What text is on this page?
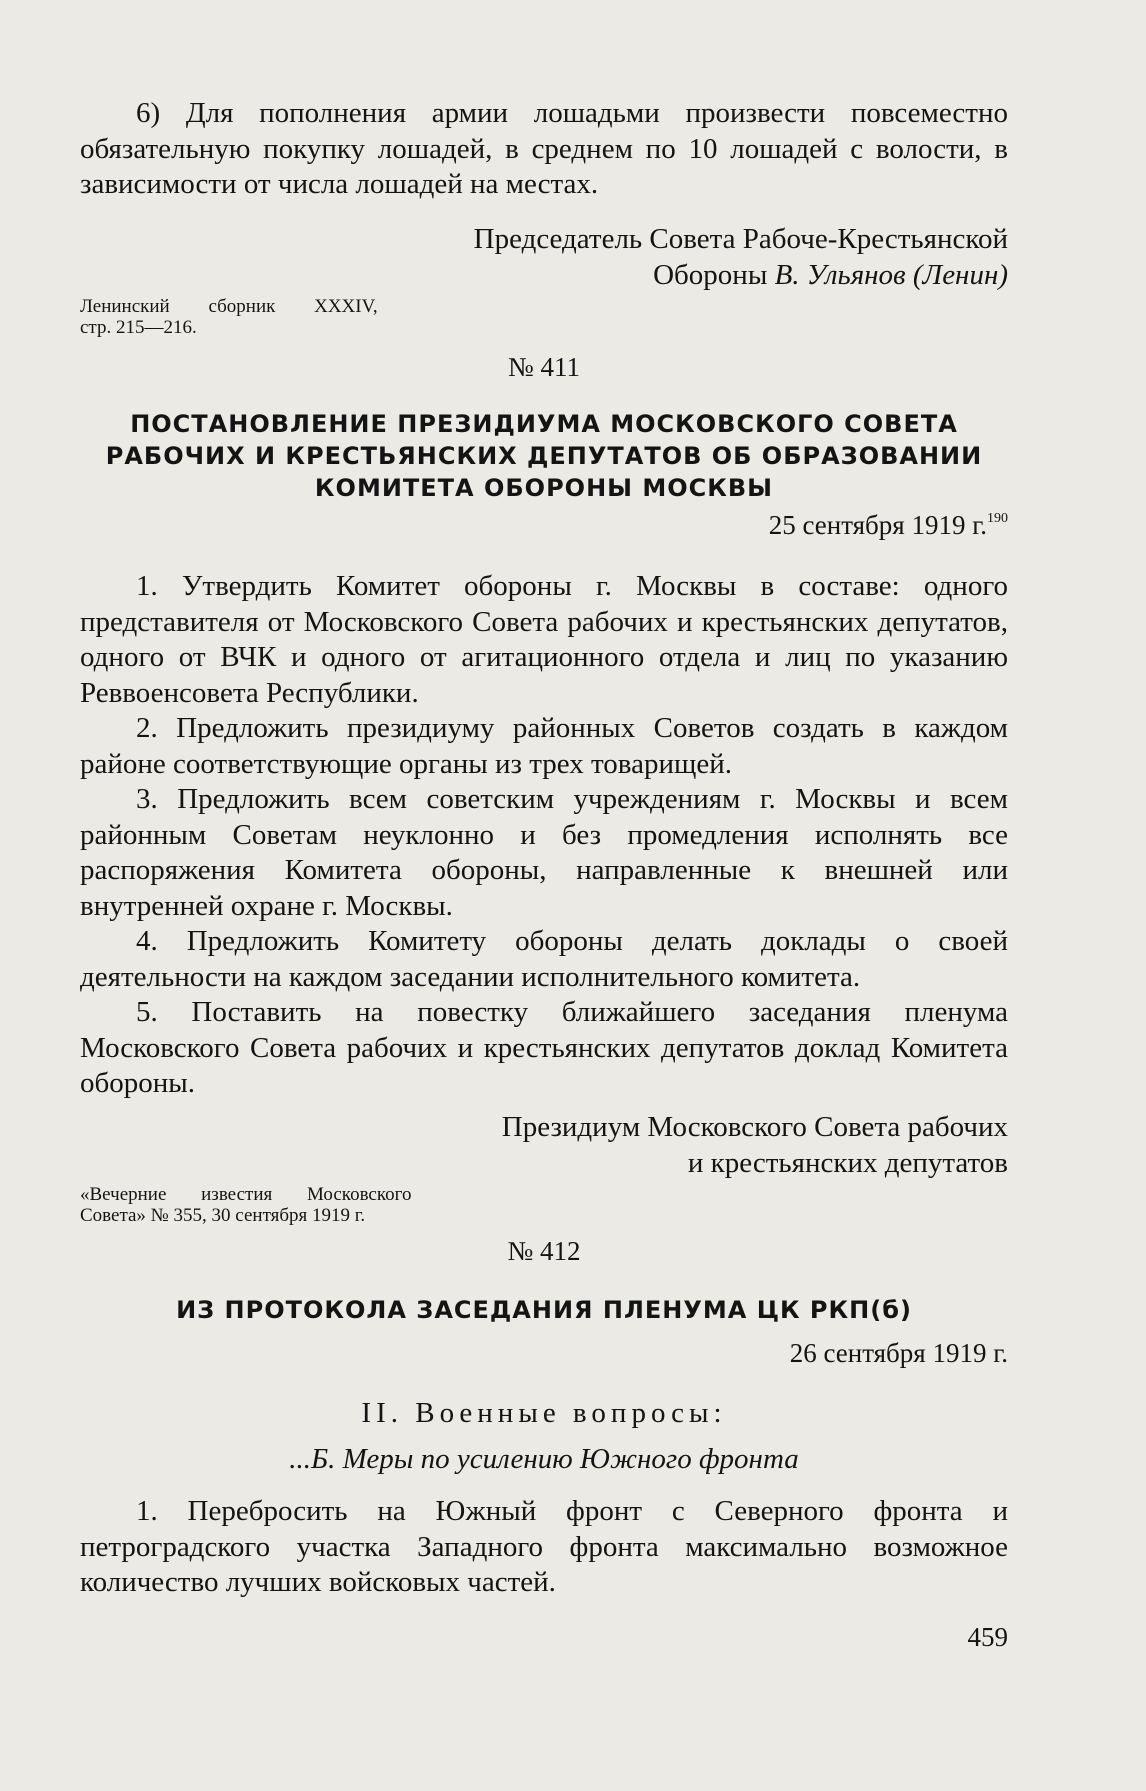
6) Для пополнения армии лошадьми произвести повсеместно обязательную покупку лошадей, в среднем по 10 лошадей с волости, в зависимости от числа лошадей на местах.

Председатель Совета Рабоче-Крестьянской

Обороны В. Ульянов (Ленин)

Ленинский сборник XXXIV,

стр. 215—216.

№ 411

ПОСТАНОВЛЕНИЕ ПРЕЗИДИУМА МОСКОВСКОГО СОВЕТА

РАБОЧИХ И КРЕСТЬЯНСКИХ ДЕПУТАТОВ ОБ ОБРАЗОВАНИИ

КОМИТЕТА ОБОРОНЫ МОСКВЫ

25 сентября 1919 г.$^{190}$

1. Утвердить Комитет обороны г. Москвы в составе: одного представителя от Московского Совета рабочих и крестьянских депутатов, одного от ВЧК и одного от агитационного отдела и лиц по указанию Реввоенсовета Республики.

2. Предложить президиуму районных Советов создать в каждом районе соответствующие органы из трех товарищей.

3. Предложить всем советским учреждениям г. Москвы и всем районным Советам неуклонно и без промедления исполнять все распоряжения Комитета обороны, направленные к внешней или внутренней охране г. Москвы.

4. Предложить Комитету обороны делать доклады о своей деятельности на каждом заседании исполнительного комитета.

5. Поставить на повестку ближайшего заседания пленума Московского Совета рабочих и крестьянских депутатов доклад Комитета обороны.

Президиум Московского Совета рабочих

и крестьянских депутатов

«Вечерние известия Московского

Совета» № 355, 30 сентября 1919 г.

№ 412

ИЗ ПРОТОКОЛА ЗАСЕДАНИЯ ПЛЕНУМА ЦК РКП(б)

26 сентября 1919 г.

II. Военные вопросы:

...Б. Меры по усилению Южного фронта

1. Перебросить на Южный фронт с Северного фронта и петроградского участка Западного фронта максимально возможное количество лучших войсковых частей.

459
